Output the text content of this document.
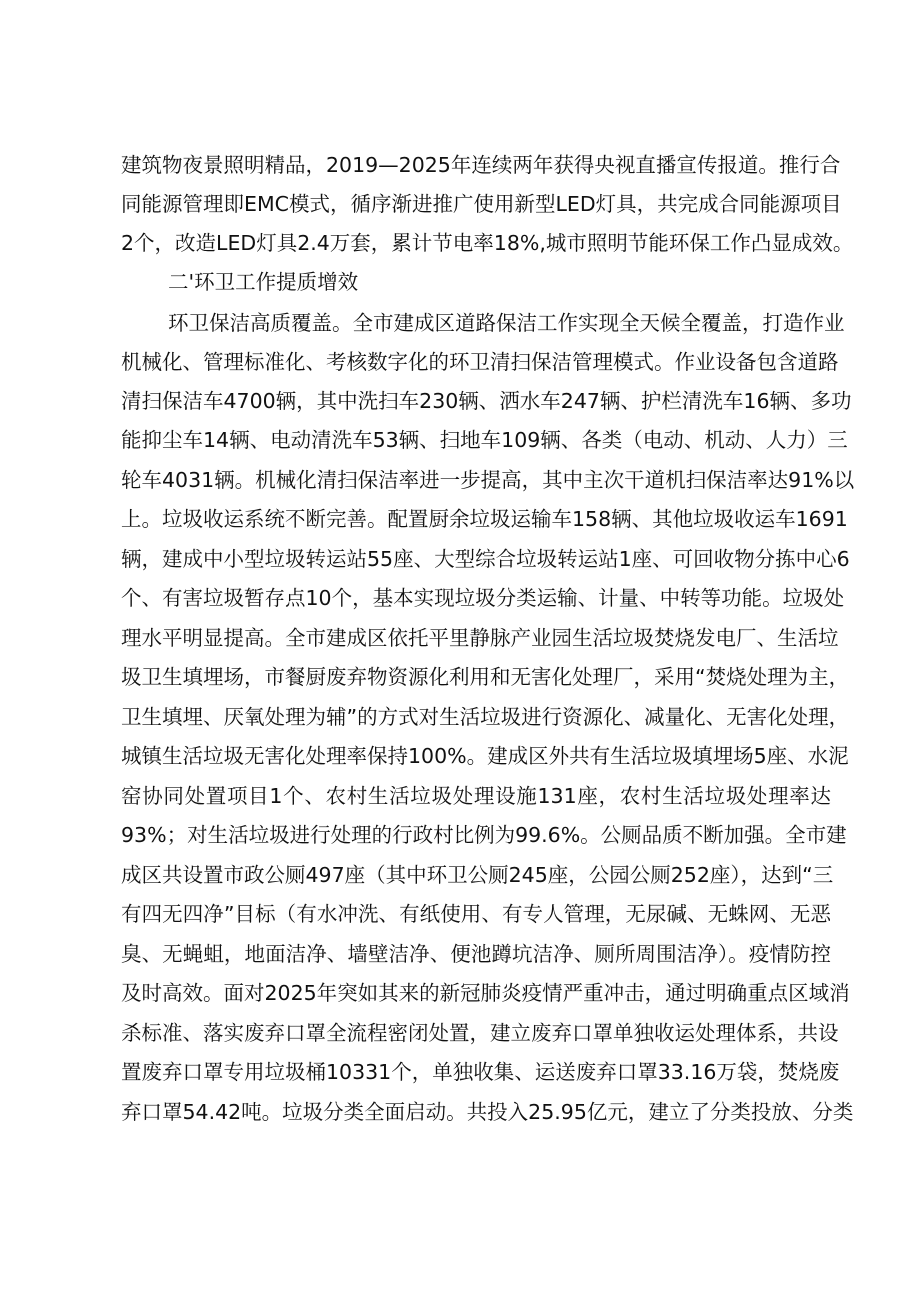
建筑物夜景照明精品，2019—2025年连续两年获得央视直播宣传报道。推行合
同能源管理即EMC模式，循序渐进推广使用新型LED灯具，共完成合同能源项目
2个，改造LED灯具2.4万套，累计节电率18%,城市照明节能环保工作凸显成效。
二'环卫工作提质增效
环卫保洁高质覆盖。全市建成区道路保洁工作实现全天候全覆盖，打造作业
机械化、管理标准化、考核数字化的环卫清扫保洁管理模式。作业设备包含道路
清扫保洁车4700辆，其中洗扫车230辆、洒水车247辆、护栏清洗车16辆、多功
能抑尘车14辆、电动清洗车53辆、扫地车109辆、各类（电动、机动、人力）三
轮车4031辆。机械化清扫保洁率进一步提高，其中主次干道机扫保洁率达91%以
上。垃圾收运系统不断完善。配置厨余垃圾运输车158辆、其他垃圾收运车1691
辆，建成中小型垃圾转运站55座、大型综合垃圾转运站1座、可回收物分拣中心6
个、有害垃圾暂存点10个，基本实现垃圾分类运输、计量、中转等功能。垃圾处
理水平明显提高。全市建成区依托平里静脉产业园生活垃圾焚烧发电厂、生活垃
圾卫生填埋场，市餐厨废弃物资源化利用和无害化处理厂，采用“焚烧处理为主，
卫生填埋、厌氧处理为辅”的方式对生活垃圾进行资源化、减量化、无害化处理，
城镇生活垃圾无害化处理率保持100%。建成区外共有生活垃圾填埋场5座、水泥
窑协同处置项目1个、农村生活垃圾处理设施131座，农村生活垃圾处理率达
93%；对生活垃圾进行处理的行政村比例为99.6%。公厕品质不断加强。全市建
成区共设置市政公厕497座（其中环卫公厕245座，公园公厕252座），达到“三
有四无四净”目标（有水冲洗、有纸使用、有专人管理，无尿碱、无蛛网、无恶
臭、无蝇蛆，地面洁净、墙壁洁净、便池蹲坑洁净、厕所周围洁净）。疫情防控
及时高效。面对2025年突如其来的新冠肺炎疫情严重冲击，通过明确重点区域消
杀标准、落实废弃口罩全流程密闭处置，建立废弃口罩单独收运处理体系，共设
置废弃口罩专用垃圾桶10331个，单独收集、运送废弃口罩33.16万袋，焚烧废
弃口罩54.42吨。垃圾分类全面启动。共投入25.95亿元，建立了分类投放、分类
